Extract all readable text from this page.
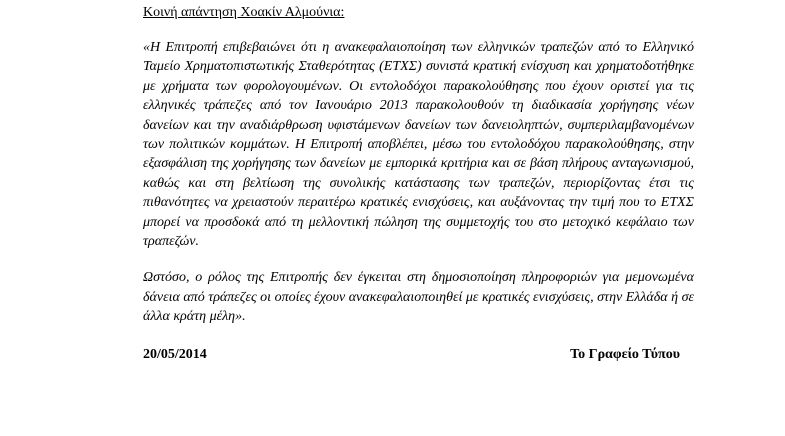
Κοινή απάντηση Χοακίν Αλμούνια:

«Η Επιτροπή επιβεβαιώνει ότι η ανακεφαλαιοποίηση των ελληνικών τραπεζών από το Ελληνικό Ταμείο Χρηματοπιστωτικής Σταθερότητας (ΕΤΧΣ) συνιστά κρατική ενίσχυση και χρηματοδοτήθηκε με χρήματα των φορολογουμένων. Οι εντολοδόχοι παρακολούθησης που έχουν οριστεί για τις ελληνικές τράπεζες από τον Ιανουάριο 2013 παρακολουθούν τη διαδικασία χορήγησης νέων δανείων και την αναδιάρθρωση υφιστάμενων δανείων των δανειοληπτών, συμπεριλαμβανομένων των πολιτικών κομμάτων. Η Επιτροπή αποβλέπει, μέσω του εντολοδόχου παρακολούθησης, στην εξασφάλιση της χορήγησης των δανείων με εμπορικά κριτήρια και σε βάση πλήρους ανταγωνισμού, καθώς και στη βελτίωση της συνολικής κατάστασης των τραπεζών, περιορίζοντας έτσι τις πιθανότητες να χρειαστούν περαιτέρω κρατικές ενισχύσεις, και αυξάνοντας την τιμή που το ΕΤΧΣ μπορεί να προσδοκά από τη μελλοντική πώληση της συμμετοχής του στο μετοχικό κεφάλαιο των τραπεζών.

Ωστόσο, ο ρόλος της Επιτροπής δεν έγκειται στη δημοσιοποίηση πληροφοριών για μεμονωμένα δάνεια από τράπεζες οι οποίες έχουν ανακεφαλαιοποιηθεί με κρατικές ενισχύσεις, στην Ελλάδα ή σε άλλα κράτη μέλη».

20/05/2014	Το Γραφείο Τύπου
